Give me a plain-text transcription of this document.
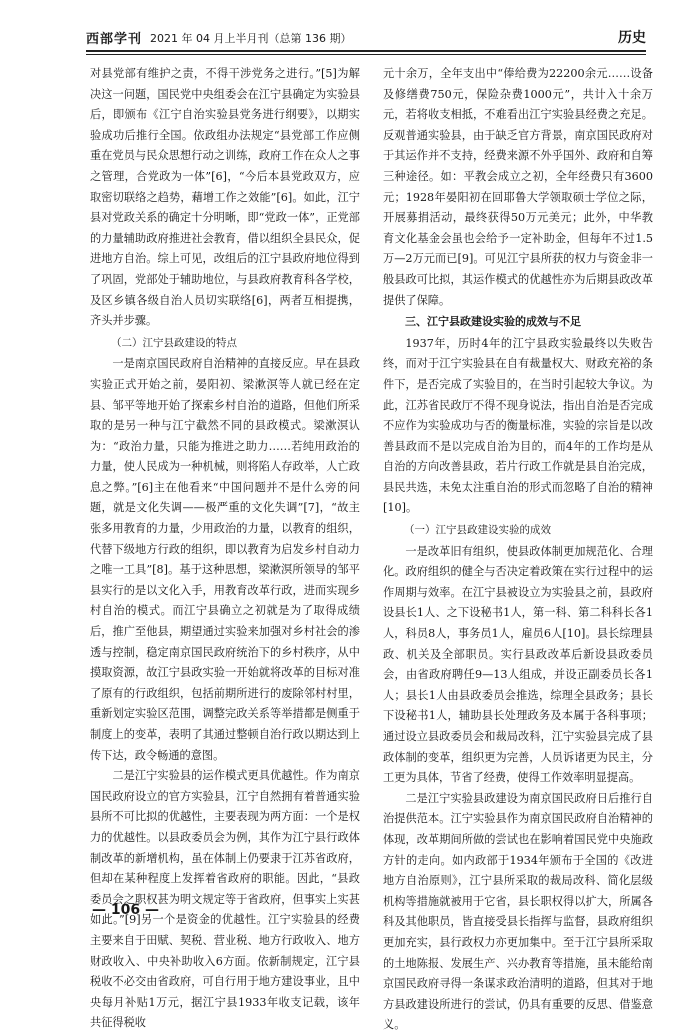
西部学刊 2021 年 04 月上半月刊（总第 136 期）	历史

对县党部有维护之责，不得干涉党务之进行。”[5]为解决这一问题，国民党中央组委会在江宁县确定为实验县后，即颁布《江宁自治实验县党务进行纲要》，以期实验成功后推行全国。依政组办法规定“县党部工作应侧重在党员与民众思想行动之训练，政府工作在众人之事之管理，合党政为一体”[6]，“今后本县党政双方，应取密切联络之趋势，藉增工作之效能”[6]。如此，江宁县对党政关系的确定十分明晰，即“党政一体”，正党部的力量辅助政府推进社会教育，借以组织全县民众，促进地方自治。综上可见，改组后的江宁县政府地位得到了巩固，党部处于辅助地位，与县政府教育科各学校，及区乡镇各级自治人员切实联络[6]，两者互相提携，齐头并步骤。

（二）江宁县政建设的特点

一是南京国民政府自治精神的直接反应。早在县政实验正式开始之前，晏阳初、梁漱溟等人就已经在定县、邹平等地开始了探索乡村自治的道路，但他们所采取的是另一种与江宁截然不同的县政模式。梁漱溟认为：“政治力量，只能为推进之助力……若纯用政治的力量，使人民成为一种机械，则将陷人存政举，人亡政息之弊。”[6]主在他看来“中国问题并不是什么旁的问题，就是文化失调——极严重的文化失调”[7]，“故主张多用教育的力量，少用政治的力量，以教育的组织，代替下级地方行政的组织，即以教育为启发乡村自动力之唯一工具”[8]。基于这种思想，梁漱溟所领导的邹平县实行的是以文化入手，用教育改革行政，进而实现乡村自治的模式。而江宁县确立之初就是为了取得成绩后，推广至他县，期望通过实验来加强对乡村社会的渗透与控制，稳定南京国民政府统治下的乡村秩序，从中摸取资源，故江宁县政实验一开始就将改革的目标对准了原有的行政组织，包括前期所进行的废除邻村村里，重新划定实验区范围，调整完政关系等举措都是侧重于制度上的变革，表明了其通过整顿自治行政以期达到上传下达，政令畅通的意图。

二是江宁实验县的运作模式更具优越性。作为南京国民政府设立的官方实验县，江宁自然拥有着普通实验县所不可比拟的优越性，主要表现为两方面：一个是权力的优越性。以县政委员会为例，其作为江宁县行政体制改革的新增机构，虽在体制上仍要隶于江苏省政府，但却在某种程度上发挥着省政府的职能。因此，“县政委员会之职权甚为明文规定等于省政府，但事实上实甚如此。”[9]另一个是资金的优越性。江宁实验县的经费主要来自于田赋、契税、营业税、地方行政收入、地方财政收入、中央补助收入6方面。依新制规定，江宁县税收不必交由省政府，可自行用于地方建设事业，且中央每月补贴1万元，据江宁县1933年收支记载，该年共征得税收

元十余万，全年支出中“俸给费为22200余元……设备及修缮费750元，保险杂费1000元”，共计入十余万元，若将收支相抵，不难看出江宁实验县经费之充足。反观普通实验县，由于缺乏官方背景，南京国民政府对于其运作并不支持，经费来源不外乎国外、政府和自筹三种途径。如：平教会成立之初，全年经费只有3600元；1928年晏阳初在回耶鲁大学领取硕士学位之际，开展募捐活动，最终获得50万元美元；此外，中华教育文化基金会虽也会给予一定补助金，但每年不过1.5万—2万元而已[9]。可见江宁县所获的权力与资金非一般县政可比拟，其运作模式的优越性亦为后期县政改革提供了保障。

三、江宁县政建设实验的成效与不足

1937年，历时4年的江宁县政实验最终以失败告终，而对于江宁实验县在自有裁量权大、财政充裕的条件下，是否完成了实验目的，在当时引起较大争议。为此，江苏省民政厅不得不现身说法，指出自治是否完成不应作为实验成功与否的衡量标准，实验的宗旨是以改善县政而不是以完成自治为目的，而4年的工作均是从自治的方向改善县政，若片行政工作就是县自治完成，县民共选，未免太注重自治的形式而忽略了自治的精神[10]。

（一）江宁县政建设实验的成效

一是改革旧有组织，使县政体制更加规范化、合理化。政府组织的健全与否决定着政策在实行过程中的运作周期与效率。在江宁县被设立为实验县之前，县政府设县长1人、之下设秘书1人，第一科、第二科科长各1人，科员8人，事务员1人，雇员6人[10]。县长综理县政、机关及全部职员。实行县政改革后新设县政委员会，由省政府聘任9—13人组成，并设正副委员长各1人；县长1人由县政委员会推选，综理全县政务；县长下设秘书1人，辅助县长处理政务及本属于各科事项；通过设立县政委员会和裁局改科，江宁实验县完成了县政体制的变革，组织更为完善，人员诉诸更为民主，分工更为具体，节省了经费，使得工作效率明显提高。

二是江宁实验县政建设为南京国民政府日后推行自治提供范本。江宁实验县作为南京国民政府自治精神的体现，改革期间所做的尝试也在影响着国民党中央施政方针的走向。如内政部于1934年颁布于全国的《改进地方自治原则》，江宁县所采取的裁局改科、简化层级机构等措施就被用于它省，县长职权得以扩大，所属各科及其他职员，皆直接受县长指挥与监督，县政府组织更加充实，县行政权力亦更加集中。至于江宁县所采取的土地陈报、发展生产、兴办教育等措施，虽未能给南京国民政府寻得一条谋求政治清明的道路，但其对于地方县政建设所进行的尝试，仍具有重要的反思、借鉴意义。

— 106 —
